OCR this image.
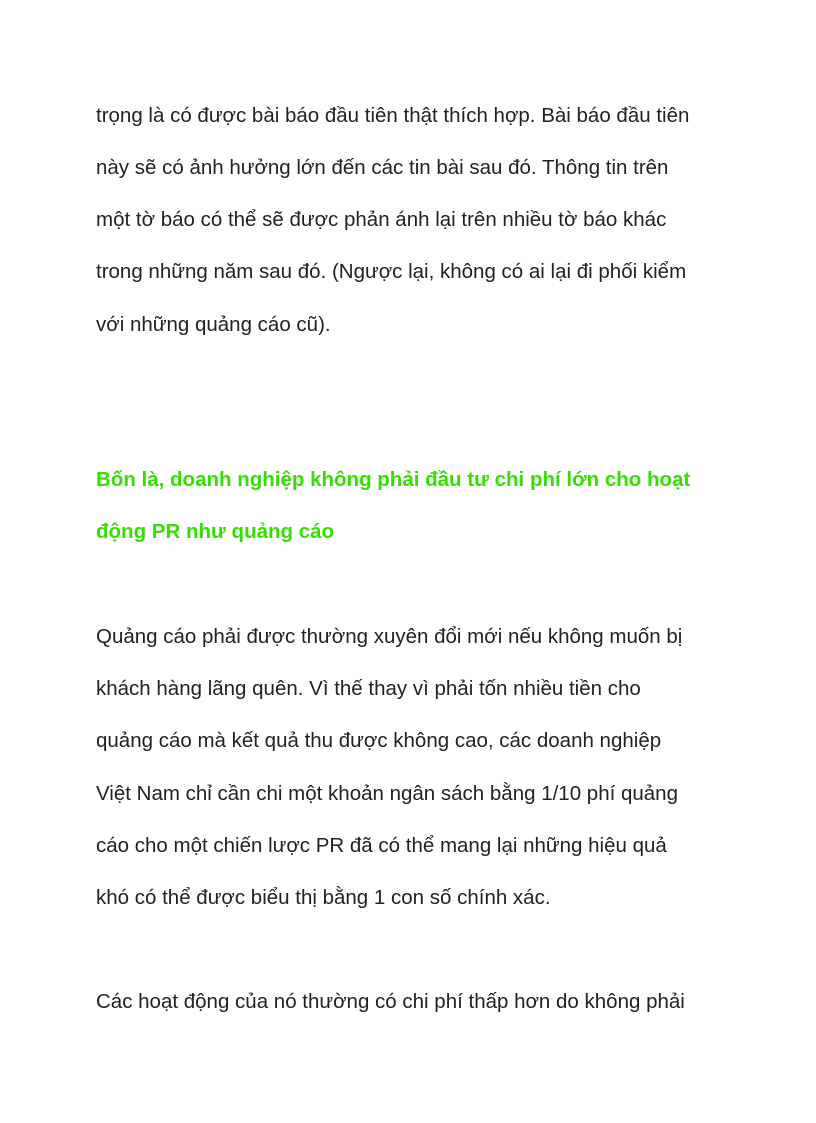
trọng là có được bài báo đầu tiên thật thích hợp. Bài báo đầu tiên
này sẽ có ảnh hưởng lớn đến các tin bài sau đó. Thông tin trên
một tờ báo có thể sẽ được phản ánh lại trên nhiều tờ báo khác
trong những năm sau đó. (Ngược lại, không có ai lại đi phối kiểm
với những quảng cáo cũ).
Bốn là, doanh nghiệp không phải đầu tư chi phí lớn cho hoạt
động PR như quảng cáo
Quảng cáo phải được thường xuyên đổi mới nếu không muốn bị
khách hàng lãng quên. Vì thế thay vì phải tốn nhiều tiền cho
quảng cáo mà kết quả thu được không cao, các doanh nghiệp
Việt Nam chỉ cần chi một khoản ngân sách bằng 1/10 phí quảng
cáo cho một chiến lược PR đã có thể mang lại những hiệu quả
khó có thể được biểu thị bằng 1 con số chính xác.
Các hoạt động của nó thường có chi phí thấp hơn do không phải
